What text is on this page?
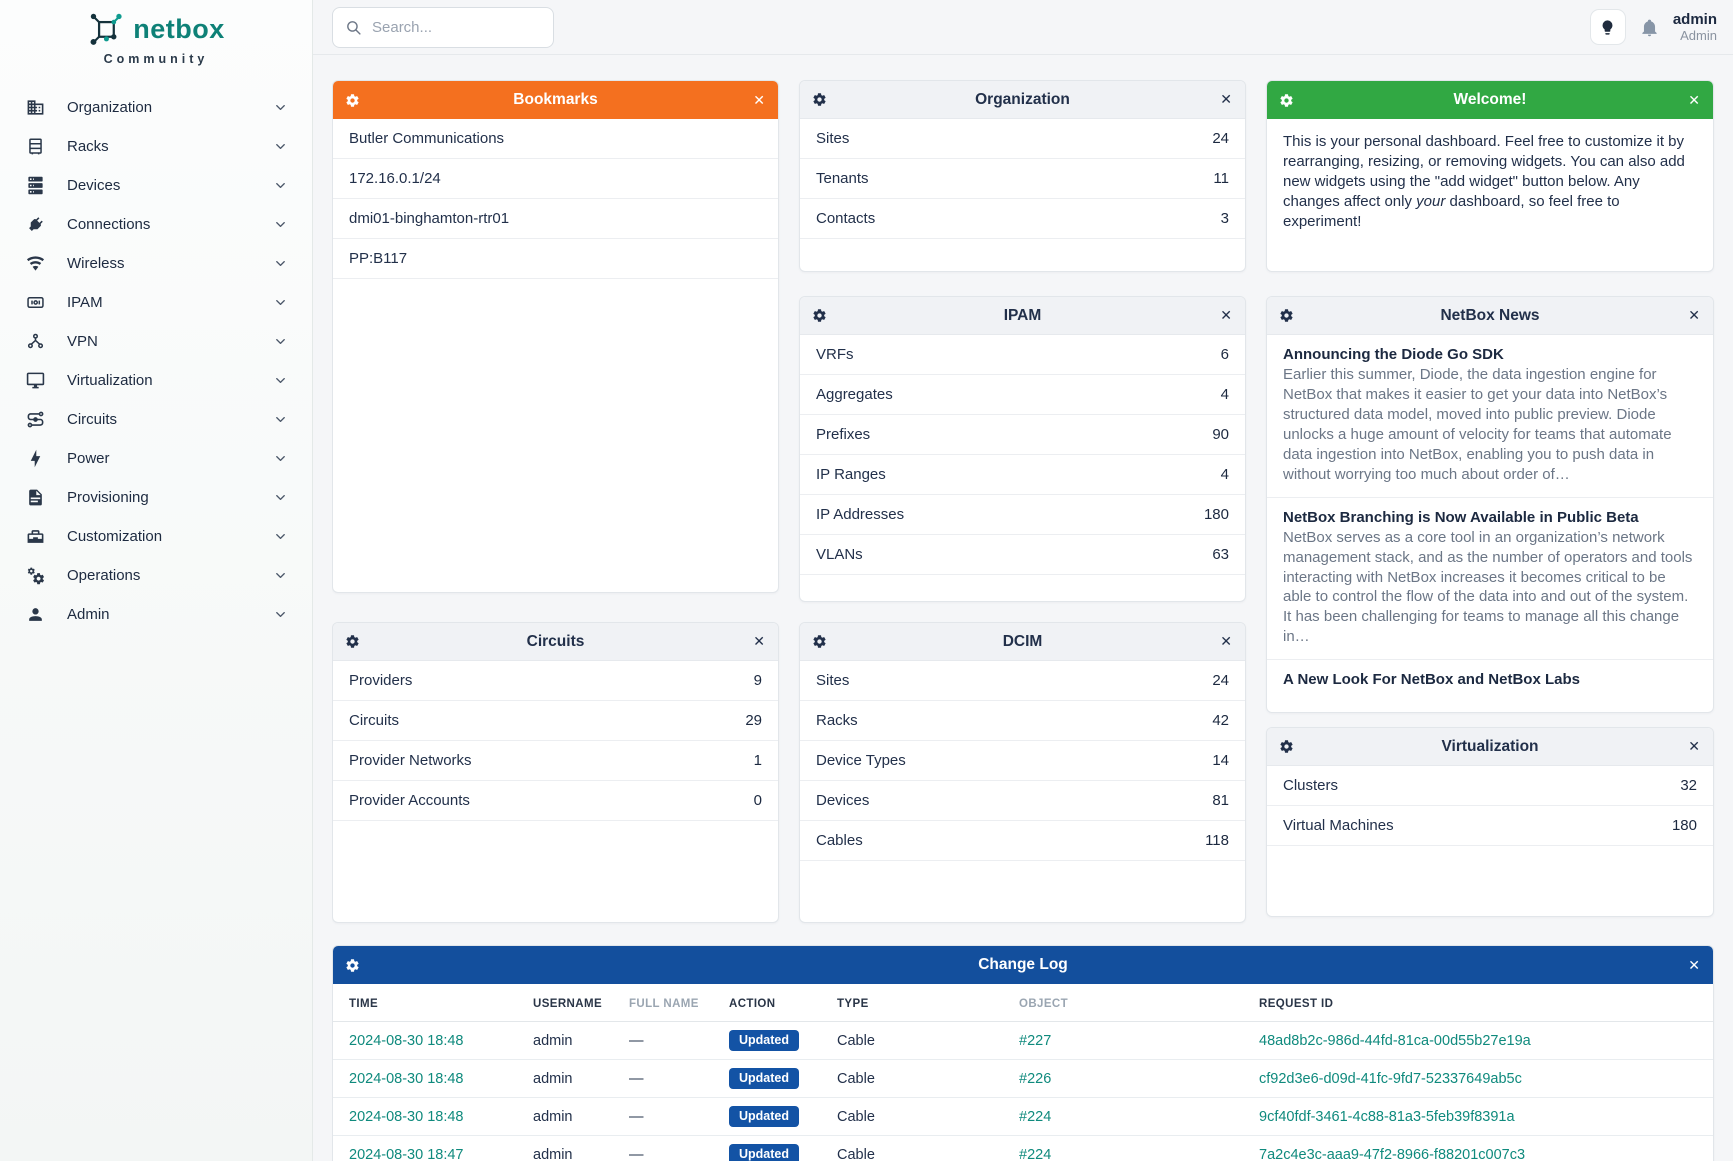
netbox
Community
Organization
Racks
Devices
Connections
Wireless
IPAM
VPN
Virtualization
Circuits
Power
Provisioning
Customization
Operations
Admin
Search...
admin
Admin
Bookmarks	✕
Butler Communications
172.16.0.1/24
dmi01-binghamton-rtr01
PP:B117
Organization	✕
Sites	24
Tenants	11
Contacts	3
Welcome!	✕

This is your personal dashboard. Feel free to customize it by rearranging, resizing, or removing widgets. You can also add new widgets using the "add widget" button below. Any changes affect only your dashboard, so feel free to experiment!

IPAM	✕
VRFs	6
Aggregates	4
Prefixes	90
IP Ranges	4
IP Addresses	180
VLANs	63
NetBox News	✕
Announcing the Diode Go SDK
Earlier this summer, Diode, the data ingestion engine for NetBox that makes it easier to get your data into NetBox’s structured data model, moved into public preview. Diode unlocks a huge amount of velocity for teams that automate data ingestion into NetBox, enabling you to push data in without worrying too much about order of…
NetBox Branching is Now Available in Public Beta
NetBox serves as a core tool in an organization’s network management stack, and as the number of operators and tools interacting with NetBox increases it becomes critical to be able to control the flow of the data into and out of the system. It has been challenging for teams to manage all this change in…
A New Look For NetBox and NetBox Labs
Circuits	✕
Providers	9
Circuits	29
Provider Networks	1
Provider Accounts	0
DCIM	✕
Sites	24
Racks	42
Device Types	14
Devices	81
Cables	118
Virtualization	✕
Clusters	32
Virtual Machines	180
Change Log	✕
TIME	USERNAME	FULL NAME	ACTION	TYPE	OBJECT	REQUEST ID
2024-08-30 18:48	admin	—	Updated	Cable	#227	48ad8b2c-986d-44fd-81ca-00d55b27e19a
2024-08-30 18:48	admin	—	Updated	Cable	#226	cf92d3e6-d09d-41fc-9fd7-52337649ab5c
2024-08-30 18:48	admin	—	Updated	Cable	#224	9cf40fdf-3461-4c88-81a3-5feb39f8391a
2024-08-30 18:47	admin	—	Updated	Cable	#224	7a2c4e3c-aaa9-47f2-8966-f88201c007c3
